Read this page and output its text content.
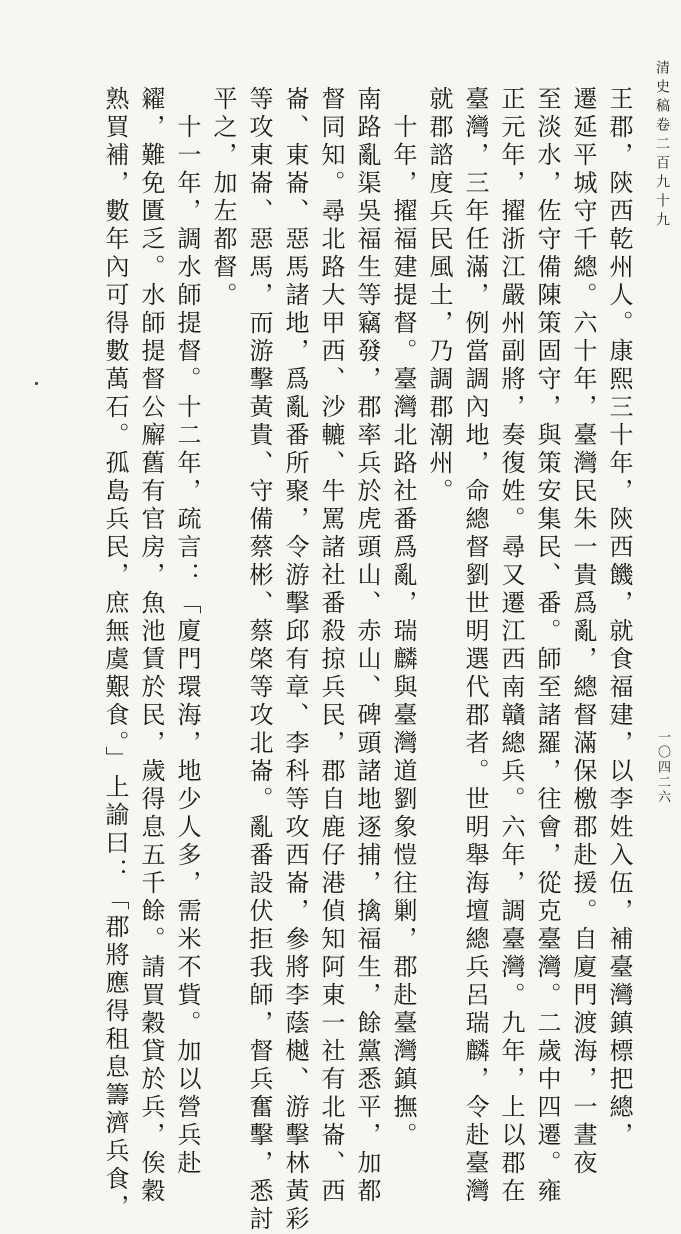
清史稿卷二百九十九
一〇四二六
王郡，陝西乾州人。康熙三十年，陝西饑，就食福建，以李姓入伍，補臺灣鎮標把總，
遷延平城守千總。六十年，臺灣民朱一貴爲亂，總督滿保檄郡赴援。自廈門渡海，一晝夜
至淡水，佐守備陳策固守，與策安集民、番。師至諸羅，往會，從克臺灣。二歲中四遷。雍
正元年，擢浙江嚴州副將，奏復姓。尋又遷江西南贛總兵。六年，調臺灣。九年，上以郡在
臺灣，三年任滿，例當調內地，命總督劉世明選代郡者。世明舉海壇總兵呂瑞麟，令赴臺灣
就郡諮度兵民風土，乃調郡潮州。
　十年，擢福建提督。臺灣北路社番爲亂，瑞麟與臺灣道劉象愷往剿，郡赴臺灣鎮撫。
南路亂渠吳福生等竊發，郡率兵於虎頭山、赤山、碑頭諸地逐捕，擒福生，餘黨悉平，加都
督同知。尋北路大甲西、沙轆、牛罵諸社番殺掠兵民，郡自鹿仔港偵知阿東一社有北崙、西
崙、東崙、惡馬諸地，爲亂番所聚，令游擊邱有章、李科等攻西崙，參將李蔭樾、游擊林黃彩
等攻東崙、惡馬，而游擊黃貴、守備蔡彬、蔡棨等攻北崙。亂番設伏拒我師，督兵奮擊，悉討
平之，加左都督。
　十一年，調水師提督。十二年，疏言：「廈門環海，地少人多，需米不貲。加以營兵赴
糴，難免匱乏。水師提督公廨舊有官房，魚池賃於民，歲得息五千餘。請買穀貸於兵，俟穀
熟買補，數年內可得數萬石。孤島兵民，庶無虞艱食。」上諭曰：「郡將應得租息籌濟兵食，
